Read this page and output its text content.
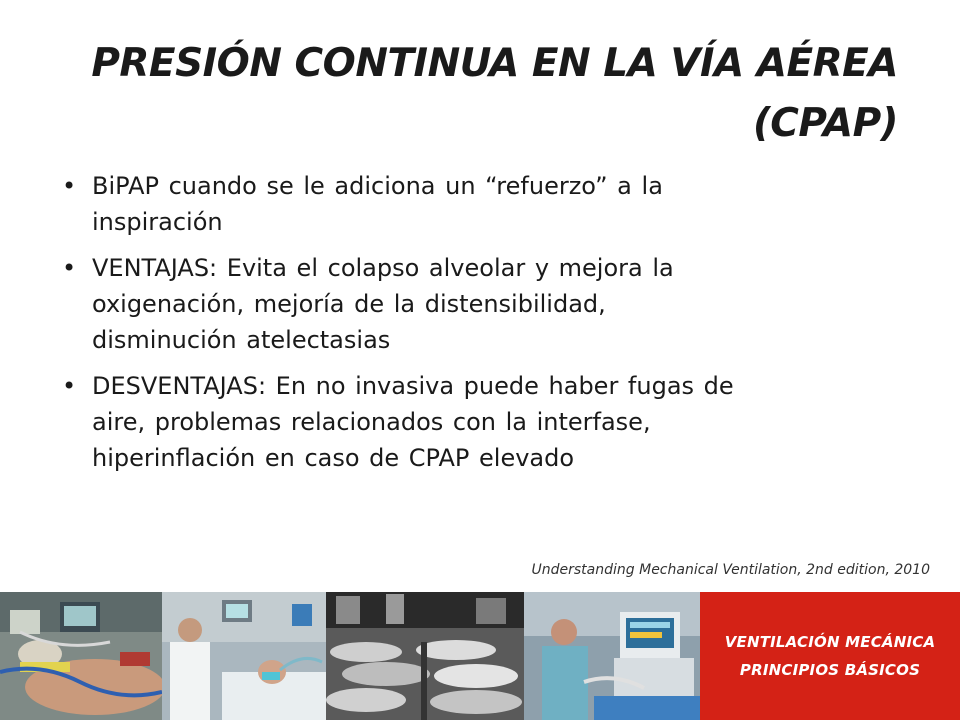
PRESIÓN CONTINUA EN LA VÍA AÉREA
(CPAP)
• BiPAP cuando se le adiciona un “refuerzo” a la
inspiración
• VENTAJAS: Evita el colapso alveolar y mejora la
oxigenación, mejoría de la distensibilidad,
disminución atelectasias
• DESVENTAJAS: En no invasiva puede haber fugas de
aire, problemas relacionados con la interfase,
hiperinflación en caso de CPAP elevado
Understanding Mechanical Ventilation, 2nd edition, 2010
VENTILACIÓN MECÁNICA
PRINCIPIOS BÁSICOS
